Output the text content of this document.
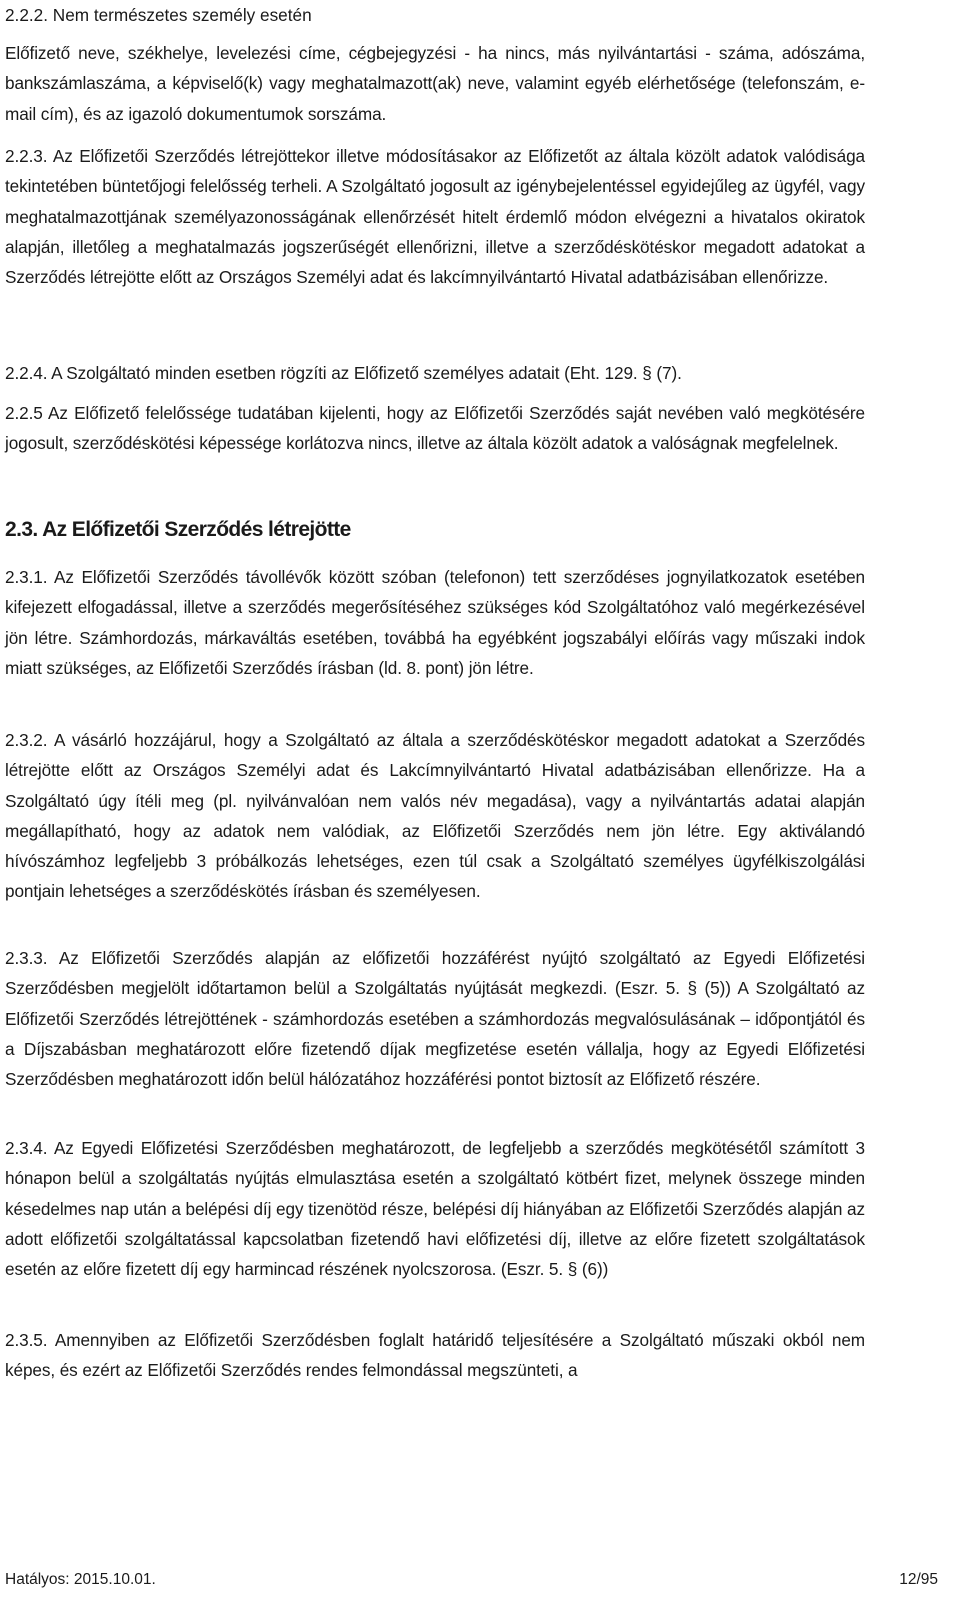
2.2.2. Nem természetes személy esetén

Előfizető neve, székhelye, levelezési címe, cégbejegyzési - ha nincs, más nyilvántartási - száma, adószáma, bankszámlaszáma, a képviselő(k) vagy meghatalmazott(ak) neve, valamint egyéb elérhetősége (telefonszám, e-mail cím), és az igazoló dokumentumok sorszáma.

2.2.3. Az Előfizetői Szerződés létrejöttekor illetve módosításakor az Előfizetőt az általa közölt adatok valódisága tekintetében büntetőjogi felelősség terheli. A Szolgáltató jogosult az igénybejelentéssel egyidejűleg az ügyfél, vagy meghatalmazottjának személyazonosságának ellenőrzését hitelt érdemlő módon elvégezni a hivatalos okiratok alapján, illetőleg a meghatalmazás jogszerűségét ellenőrizni, illetve a szerződéskötéskor megadott adatokat a Szerződés létrejötte előtt az Országos Személyi adat és lakcímnyilvántartó Hivatal adatbázisában ellenőrizze.

2.2.4. A Szolgáltató minden esetben rögzíti az Előfizető személyes adatait (Eht. 129. § (7).

2.2.5 Az Előfizető felelőssége tudatában kijelenti, hogy az Előfizetői Szerződés saját nevében való megkötésére jogosult, szerződéskötési képessége korlátozva nincs, illetve az általa közölt adatok a valóságnak megfelelnek.

2.3. Az Előfizetői Szerződés létrejötte

2.3.1. Az Előfizetői Szerződés távollévők között szóban (telefonon) tett szerződéses jognyilatkozatok esetében kifejezett elfogadással, illetve a szerződés megerősítéséhez szükséges kód Szolgáltatóhoz való megérkezésével jön létre. Számhordozás, márkaváltás esetében, továbbá ha egyébként jogszabályi előírás vagy műszaki indok miatt szükséges, az Előfizetői Szerződés írásban (ld. 8. pont) jön létre.

2.3.2. A vásárló hozzájárul, hogy a Szolgáltató az általa a szerződéskötéskor megadott adatokat a Szerződés létrejötte előtt az Országos Személyi adat és Lakcímnyilvántartó Hivatal adatbázisában ellenőrizze. Ha a Szolgáltató úgy ítéli meg (pl. nyilvánvalóan nem valós név megadása), vagy a nyilvántartás adatai alapján megállapítható, hogy az adatok nem valódiak, az Előfizetői Szerződés nem jön létre. Egy aktiválandó hívószámhoz legfeljebb 3 próbálkozás lehetséges, ezen túl csak a Szolgáltató személyes ügyfélkiszolgálási pontjain lehetséges a szerződéskötés írásban és személyesen.

2.3.3. Az Előfizetői Szerződés alapján az előfizetői hozzáférést nyújtó szolgáltató az Egyedi Előfizetési Szerződésben megjelölt időtartamon belül a Szolgáltatás nyújtását megkezdi. (Eszr. 5. § (5)) A Szolgáltató az Előfizetői Szerződés létrejöttének - számhordozás esetében a számhordozás megvalósulásának – időpontjától és a Díjszabásban meghatározott előre fizetendő díjak megfizetése esetén vállalja, hogy az Egyedi Előfizetési Szerződésben meghatározott időn belül hálózatához hozzáférési pontot biztosít az Előfizető részére.

2.3.4. Az Egyedi Előfizetési Szerződésben meghatározott, de legfeljebb a szerződés megkötésétől számított 3 hónapon belül a szolgáltatás nyújtás elmulasztása esetén a szolgáltató kötbért fizet, melynek összege minden késedelmes nap után a belépési díj egy tizenötöd része, belépési díj hiányában az Előfizetői Szerződés alapján az adott előfizetői szolgáltatással kapcsolatban fizetendő havi előfizetési díj, illetve az előre fizetett szolgáltatások esetén az előre fizetett díj egy harmincad részének nyolcszorosa. (Eszr. 5. § (6))

2.3.5. Amennyiben az Előfizetői Szerződésben foglalt határidő teljesítésére a Szolgáltató műszaki okból nem képes, és ezért az Előfizetői Szerződés rendes felmondással megszünteti, a

Hatályos: 2015.10.01.	12/95
